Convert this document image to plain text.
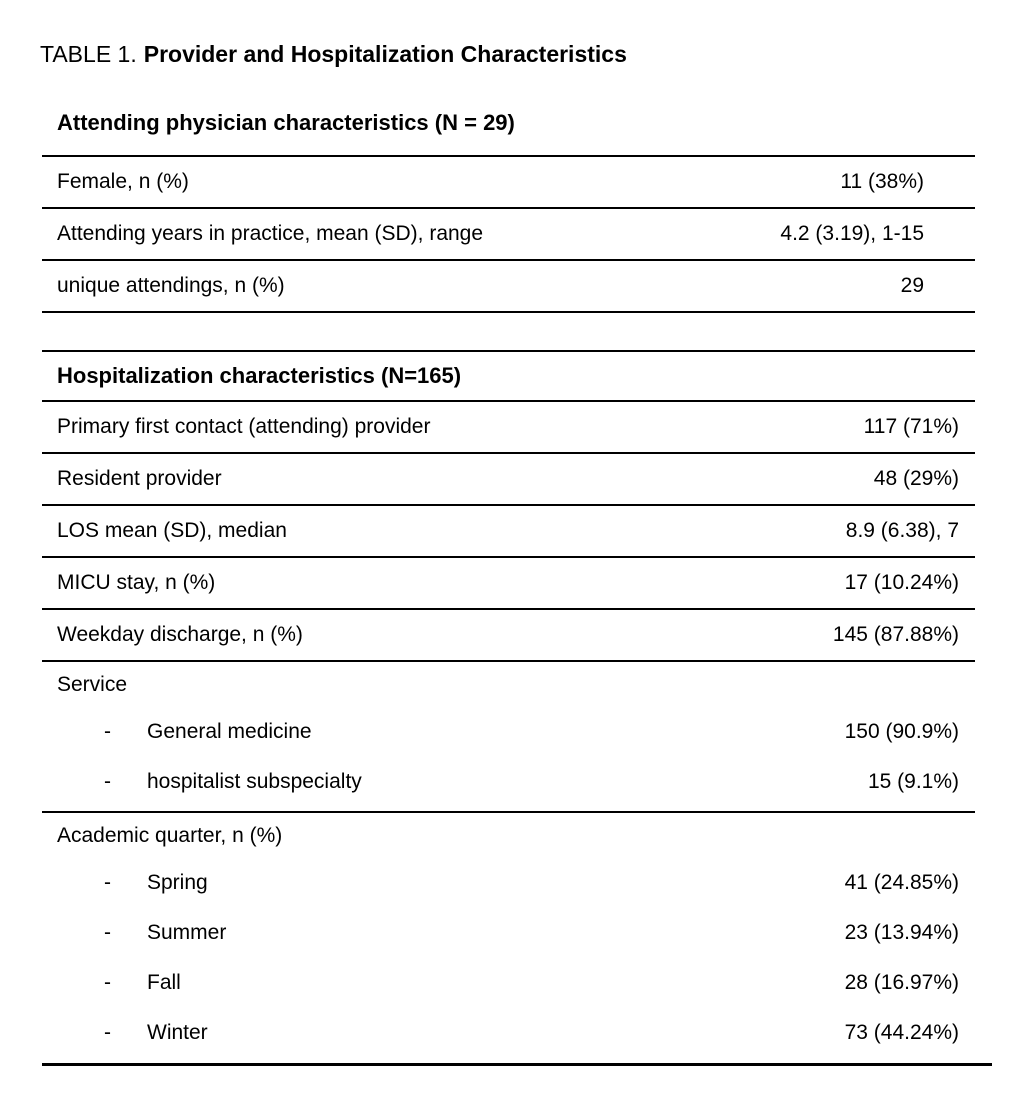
TABLE 1. Provider and Hospitalization Characteristics
Attending physician characteristics (N = 29)
Female, n (%)	11 (38%)
Attending years in practice, mean (SD), range	4.2 (3.19), 1-15
unique attendings, n (%)	29
Hospitalization characteristics (N=165)
Primary first contact (attending) provider	117 (71%)
Resident provider	48 (29%)
LOS mean (SD), median	8.9 (6.38), 7
MICU stay, n (%)	17 (10.24%)
Weekday discharge, n (%)	145 (87.88%)
Service
-	General medicine	150 (90.9%)
-	hospitalist subspecialty	15 (9.1%)
Academic quarter, n (%)
-	Spring	41 (24.85%)
-	Summer	23 (13.94%)
-	Fall	28 (16.97%)
-	Winter	73 (44.24%)
